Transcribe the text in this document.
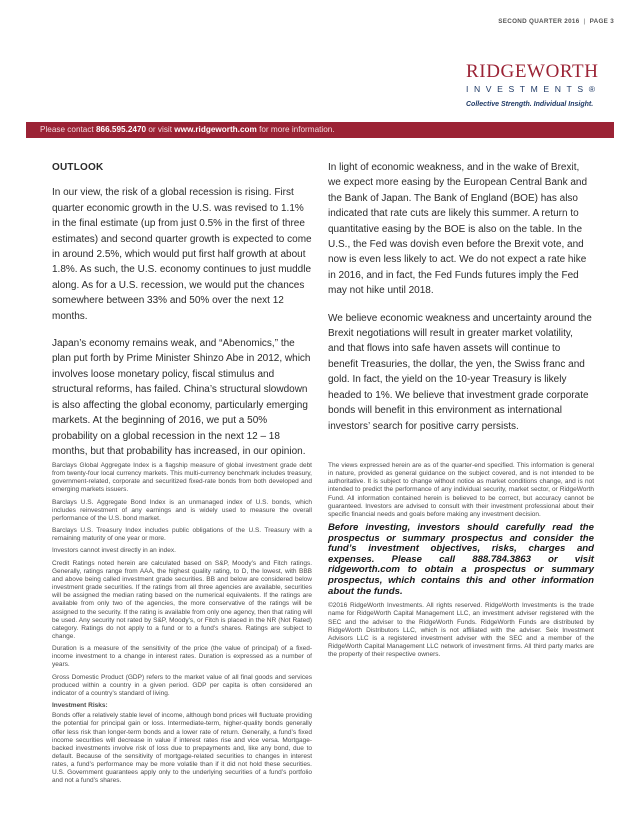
SECOND QUARTER 2016 | PAGE 3
RIDGEWORTH
INVESTMENTS®
Collective Strength. Individual Insight.
Please contact 866.595.2470 or visit www.ridgeworth.com for more information.
OUTLOOK

In our view, the risk of a global recession is rising. First quarter economic growth in the U.S. was revised to 1.1% in the final estimate (up from just 0.5% in the first of three estimates) and second quarter growth is expected to come in around 2.5%, which would put first half growth at about 1.8%. As such, the U.S. economy continues to just muddle along. As for a U.S. recession, we would put the chances somewhere between 33% and 50% over the next 12 months.

Japan’s economy remains weak, and “Abenomics,” the plan put forth by Prime Minister Shinzo Abe in 2012, which involves loose monetary policy, fiscal stimulus and structural reforms, has failed. China’s structural slowdown is also affecting the global economy, particularly emerging markets. At the beginning of 2016, we put a 50% probability on a global recession in the next 12 – 18 months, but that probability has increased, in our opinion.

In light of economic weakness, and in the wake of Brexit, we expect more easing by the European Central Bank and the Bank of Japan. The Bank of England (BOE) has also indicated that rate cuts are likely this summer. A return to quantitative easing by the BOE is also on the table. In the U.S., the Fed was dovish even before the Brexit vote, and now is even less likely to act. We do not expect a rate hike in 2016, and in fact, the Fed Funds futures imply the Fed may not hike until 2018.

We believe economic weakness and uncertainty around the Brexit negotiations will result in greater market volatility, and that flows into safe haven assets will continue to benefit Treasuries, the dollar, the yen, the Swiss franc and gold. In fact, the yield on the 10-year Treasury is likely headed to 1%. We believe that investment grade corporate bonds will benefit in this environment as international investors’ search for positive carry persists.

Barclays Global Aggregate Index is a flagship measure of global investment grade debt from twenty-four local currency markets. This multi-currency benchmark includes treasury, government-related, corporate and securitized fixed-rate bonds from both developed and emerging markets issuers.

Barclays U.S. Aggregate Bond Index is an unmanaged index of U.S. bonds, which includes reinvestment of any earnings and is widely used to measure the overall performance of the U.S. bond market.

Barclays U.S. Treasury Index includes public obligations of the U.S. Treasury with a remaining maturity of one year or more.

Investors cannot invest directly in an index.

Credit Ratings noted herein are calculated based on S&P, Moody’s and Fitch ratings. Generally, ratings range from AAA, the highest quality rating, to D, the lowest, with BBB and above being called investment grade securities. BB and below are considered below investment grade securities. If the ratings from all three agencies are available, securities will be assigned the median rating based on the numerical equivalents. If the ratings are available from only two of the agencies, the more conservative of the ratings will be assigned to the security. If the rating is available from only one agency, then that rating will be used. Any security not rated by S&P, Moody’s, or Fitch is placed in the NR (Not Rated) category. Ratings do not apply to a fund or to a fund’s shares. Ratings are subject to change.

Duration is a measure of the sensitivity of the price (the value of principal) of a fixed-income investment to a change in interest rates. Duration is expressed as a number of years.

Gross Domestic Product (GDP) refers to the market value of all final goods and services produced within a country in a given period. GDP per capita is often considered an indicator of a country’s standard of living.

Investment Risks:

Bonds offer a relatively stable level of income, although bond prices will fluctuate providing the potential for principal gain or loss. Intermediate-term, higher-quality bonds generally offer less risk than longer-term bonds and a lower rate of return. Generally, a fund’s fixed income securities will decrease in value if interest rates rise and vice versa. Mortgage-backed investments involve risk of loss due to prepayments and, like any bond, due to default. Because of the sensitivity of mortgage-related securities to changes in interest rates, a fund’s performance may be more volatile than if it did not hold these securities. U.S. Government guarantees apply only to the underlying securities of a fund’s portfolio and not a fund’s shares.

The views expressed herein are as of the quarter-end specified. This information is general in nature, provided as general guidance on the subject covered, and is not intended to be authoritative. It is subject to change without notice as market conditions change, and is not intended to predict the performance of any individual security, market sector, or RidgeWorth Fund. All information contained herein is believed to be correct, but accuracy cannot be guaranteed. Investors are advised to consult with their investment professional about their specific financial needs and goals before making any investment decision.

Before investing, investors should carefully read the prospectus or summary prospectus and consider the fund’s investment objectives, risks, charges and expenses. Please call 888.784.3863 or visit ridgeworth.com to obtain a prospectus or summary prospectus, which contains this and other information about the funds.

©2016 RidgeWorth Investments. All rights reserved. RidgeWorth Investments is the trade name for RidgeWorth Capital Management LLC, an investment adviser registered with the SEC and the adviser to the RidgeWorth Funds. RidgeWorth Funds are distributed by RidgeWorth Distributors LLC, which is not affiliated with the adviser. Seix Investment Advisors LLC is a registered investment adviser with the SEC and a member of the RidgeWorth Capital Management LLC network of investment firms. All third party marks are the property of their respective owners.
